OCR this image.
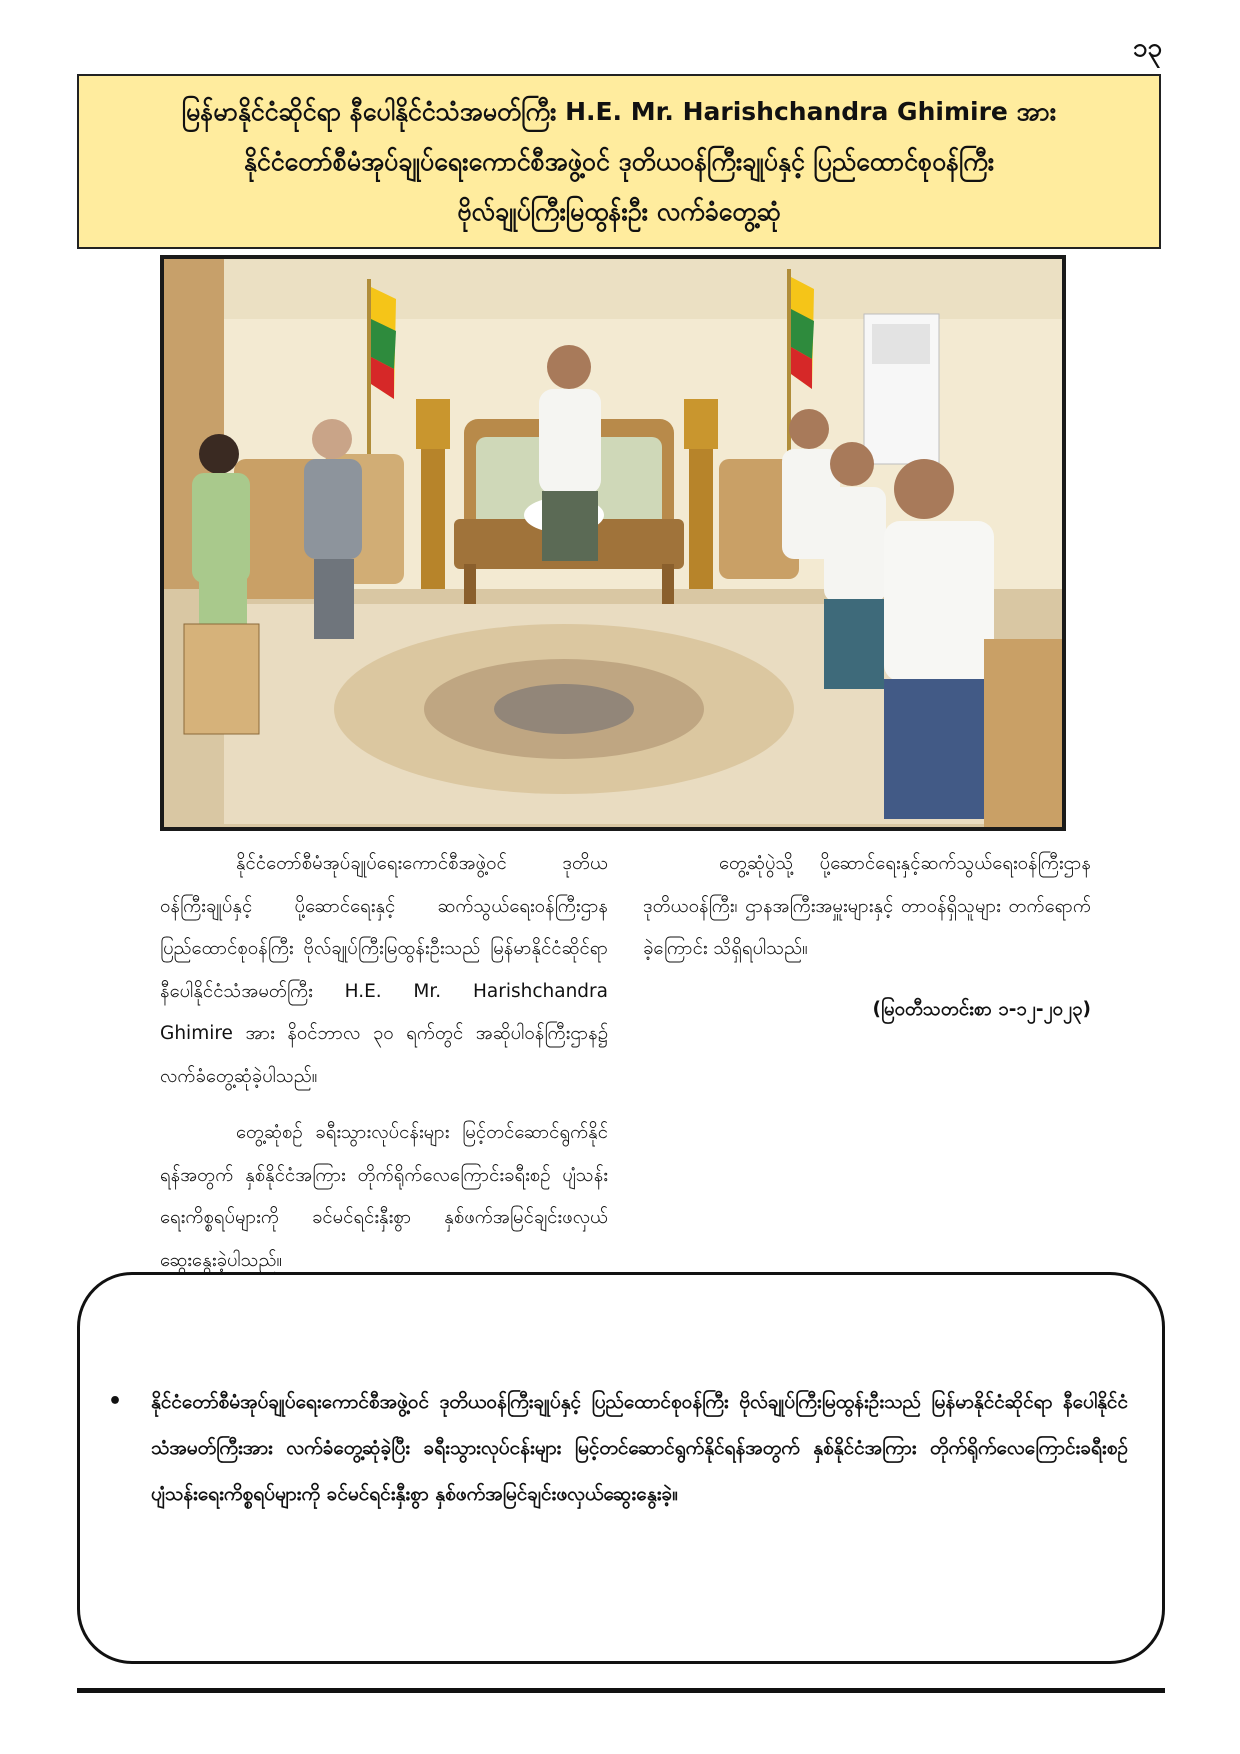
၁၃
မြန်မာနိုင်ငံဆိုင်ရာ နီပေါနိုင်ငံသံအမတ်ကြီး H.E. Mr. Harishchandra Ghimire အား
နိုင်ငံတော်စီမံအုပ်ချုပ်ရေးကောင်စီအဖွဲ့ဝင် ဒုတိယဝန်ကြီးချုပ်နှင့် ပြည်ထောင်စုဝန်ကြီး
ဗိုလ်ချုပ်ကြီးမြထွန်းဦး လက်ခံတွေ့ဆုံ

နိုင်ငံတော်စီမံအုပ်ချုပ်ရေးကောင်စီအဖွဲ့ဝင် ဒုတိယဝန်ကြီးချုပ်နှင့် ပို့ဆောင်ရေးနှင့် ဆက်သွယ်ရေးဝန်ကြီးဌာန ပြည်ထောင်စုဝန်ကြီး ဗိုလ်ချုပ်ကြီးမြထွန်းဦးသည် မြန်မာနိုင်ငံဆိုင်ရာ နီပေါနိုင်ငံသံအမတ်ကြီး H.E. Mr. Harishchandra Ghimire အား နိဝင်ဘာလ ၃၀ ရက်တွင် အဆိုပါဝန်ကြီးဌာန၌ လက်ခံတွေ့ဆုံခဲ့ပါသည်။

တွေ့ဆုံစဉ် ခရီးသွားလုပ်ငန်းများ မြင့်တင်ဆောင်ရွက်နိုင်ရန်အတွက် နှစ်နိုင်ငံအကြား တိုက်ရိုက်လေကြောင်းခရီးစဉ် ပျံသန်းရေးကိစ္စရပ်များကို ခင်မင်ရင်းနှီးစွာ နှစ်ဖက်အမြင်ချင်းဖလှယ် ဆွေးနွေးခဲ့ပါသည်။

တွေ့ဆုံပွဲသို့ ပို့ဆောင်ရေးနှင့်ဆက်သွယ်ရေးဝန်ကြီးဌာန ဒုတိယဝန်ကြီး၊ ဌာနအကြီးအမှူးများနှင့် တာဝန်ရှိသူများ တက်ရောက်ခဲ့ကြောင်း သိရှိရပါသည်။

(မြဝတီသတင်းစာ ၁-၁၂-၂၀၂၃)

• နိုင်ငံတော်စီမံအုပ်ချုပ်ရေးကောင်စီအဖွဲ့ဝင် ဒုတိယဝန်ကြီးချုပ်နှင့် ပြည်ထောင်စုဝန်ကြီး ဗိုလ်ချုပ်ကြီးမြထွန်းဦးသည် မြန်မာနိုင်ငံဆိုင်ရာ နီပေါနိုင်ငံသံအမတ်ကြီးအား လက်ခံတွေ့ဆုံခဲ့ပြီး ခရီးသွားလုပ်ငန်းများ မြင့်တင်ဆောင်ရွက်နိုင်ရန်အတွက် နှစ်နိုင်ငံအကြား တိုက်ရိုက်လေကြောင်းခရီးစဉ် ပျံသန်းရေးကိစ္စရပ်များကို ခင်မင်ရင်းနှီးစွာ နှစ်ဖက်အမြင်ချင်းဖလှယ်ဆွေးနွေးခဲ့။
